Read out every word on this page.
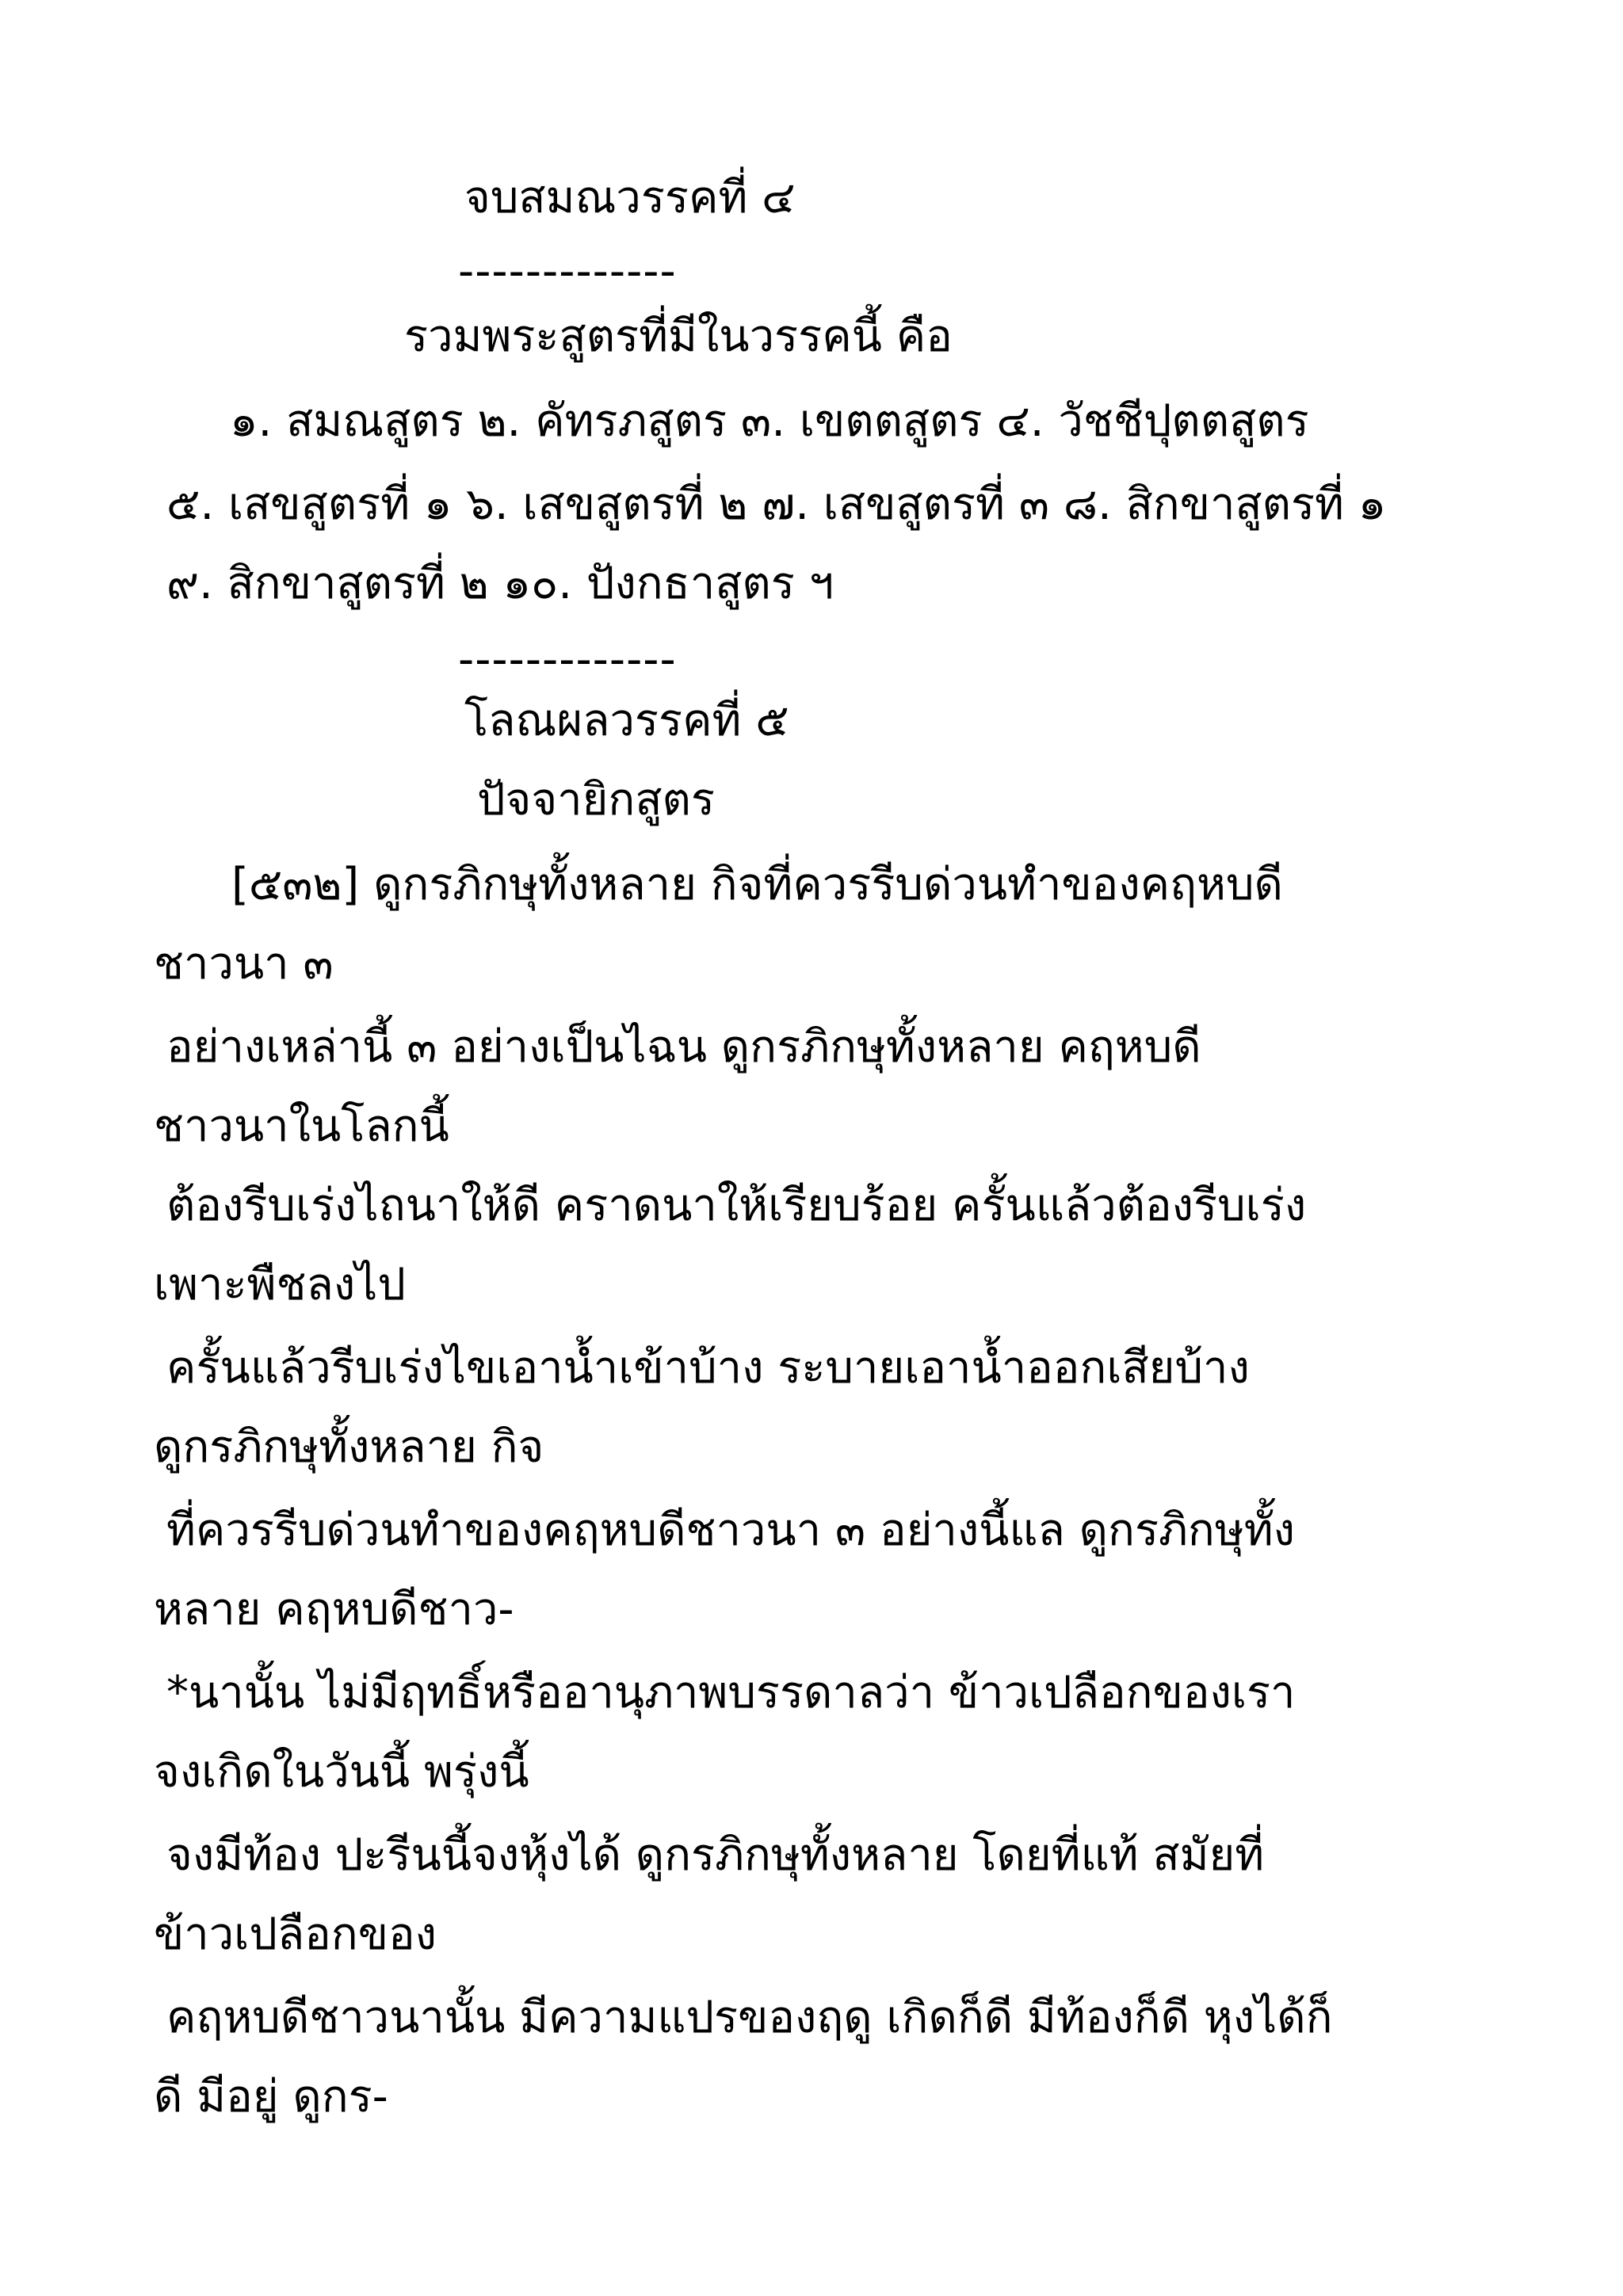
จบสมณวรรคที่ ๔
-------------
รวมพระสูตรที่มีในวรรคนี้ คือ
๑. สมณสูตร ๒. คัทรภสูตร ๓. เขตตสูตร ๔. วัชชีปุตตสูตร
๕. เสขสูตรที่ ๑ ๖. เสขสูตรที่ ๒ ๗. เสขสูตรที่ ๓ ๘. สิกขาสูตรที่ ๑
๙. สิกขาสูตรที่ ๒ ๑๐. ปังกธาสูตร ฯ
-------------
โลณผลวรรคที่ ๕
ปัจจายิกสูตร
[๕๓๒] ดูกรภิกษุทั้งหลาย กิจที่ควรรีบด่วนทำของคฤหบดี
ชาวนา ๓
อย่างเหล่านี้ ๓ อย่างเป็นไฉน ดูกรภิกษุทั้งหลาย คฤหบดี
ชาวนาในโลกนี้
ต้องรีบเร่งไถนาให้ดี คราดนาให้เรียบร้อย ครั้นแล้วต้องรีบเร่ง
เพาะพืชลงไป
ครั้นแล้วรีบเร่งไขเอาน้ำเข้าบ้าง ระบายเอาน้ำออกเสียบ้าง
ดูกรภิกษุทั้งหลาย กิจ
ที่ควรรีบด่วนทำของคฤหบดีชาวนา ๓ อย่างนี้แล ดูกรภิกษุทั้ง
หลาย คฤหบดีชาว-
*นานั้น ไม่มีฤทธิ์หรืออานุภาพบรรดาลว่า ข้าวเปลือกของเรา
จงเกิดในวันนี้ พรุ่งนี้
จงมีท้อง ปะรีนนี้จงหุ้งได้ ดูกรภิกษุทั้งหลาย โดยที่แท้ สมัยที่
ข้าวเปลือกของ
คฤหบดีชาวนานั้น มีความแปรของฤดู เกิดก็ดี มีท้องก็ดี หุงได้ก็
ดี มีอยู่ ดูกร-
